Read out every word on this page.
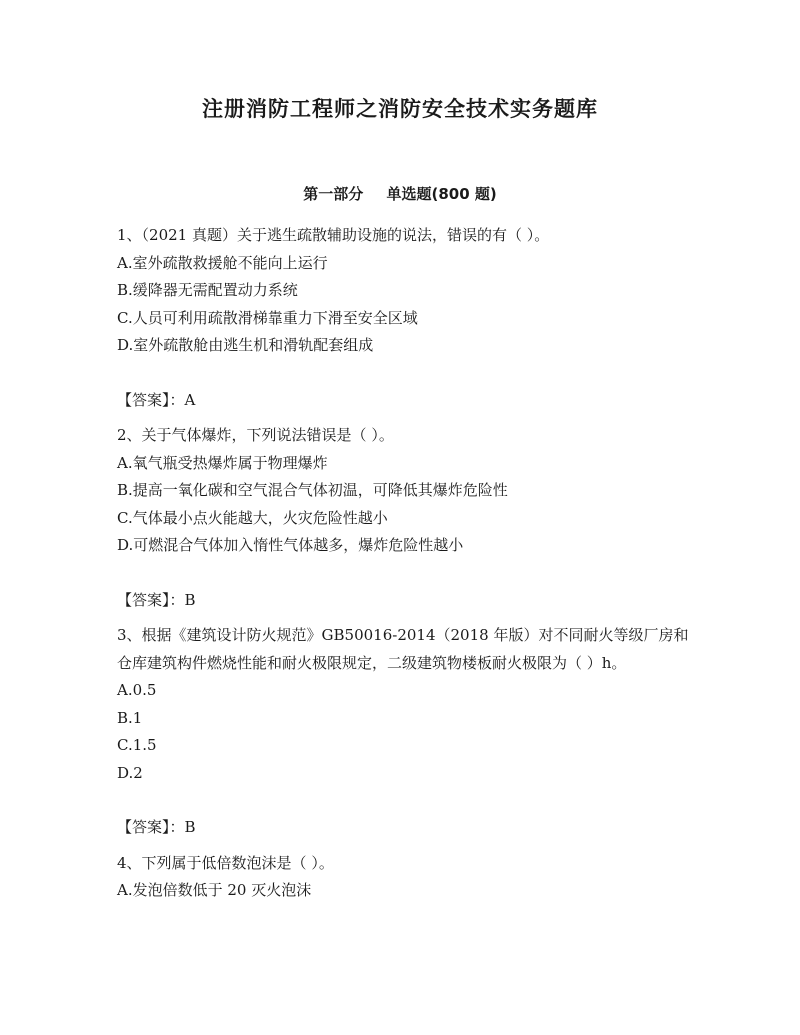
注册消防工程师之消防安全技术实务题库
第一部分 单选题(800 题)

1、（2021 真题）关于逃生疏散辅助设施的说法，错误的有（ ）。

A.室外疏散救援舱不能向上运行

B.缓降器无需配置动力系统

C.人员可利用疏散滑梯靠重力下滑至安全区域

D.室外疏散舱由逃生机和滑轨配套组成

【答案】：A

2、关于气体爆炸，下列说法错误是（ ）。

A.氧气瓶受热爆炸属于物理爆炸

B.提高一氧化碳和空气混合气体初温，可降低其爆炸危险性

C.气体最小点火能越大，火灾危险性越小

D.可燃混合气体加入惰性气体越多，爆炸危险性越小

【答案】：B

3、根据《建筑设计防火规范》GB50016-2014（2018 年版）对不同耐火等级厂房和仓库建筑构件燃烧性能和耐火极限规定，二级建筑物楼板耐火极限为（ ）h。

A.0.5

B.1

C.1.5

D.2

【答案】：B

4、下列属于低倍数泡沫是（ ）。

A.发泡倍数低于 20 灭火泡沫
